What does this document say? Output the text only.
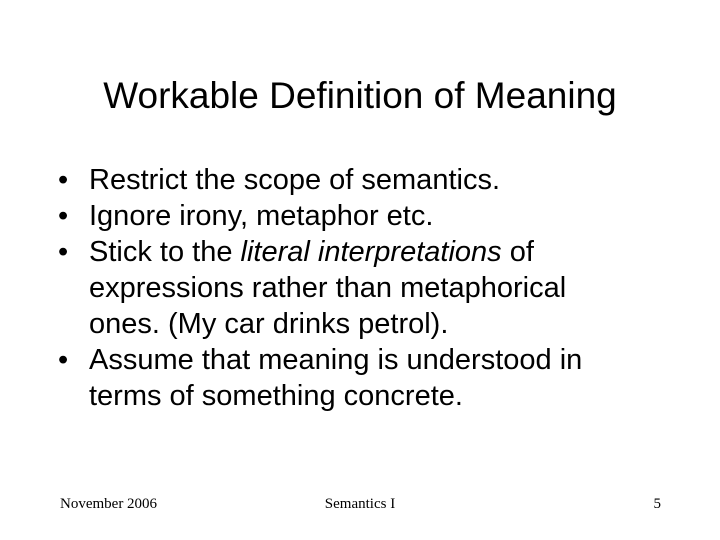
Workable Definition of Meaning
• Restrict the scope of semantics.
• Ignore irony, metaphor etc.
• Stick to the literal interpretations of
expressions rather than metaphorical
ones. (My car drinks petrol).
• Assume that meaning is understood in
terms of something concrete.
November 2006	Semantics I	5
